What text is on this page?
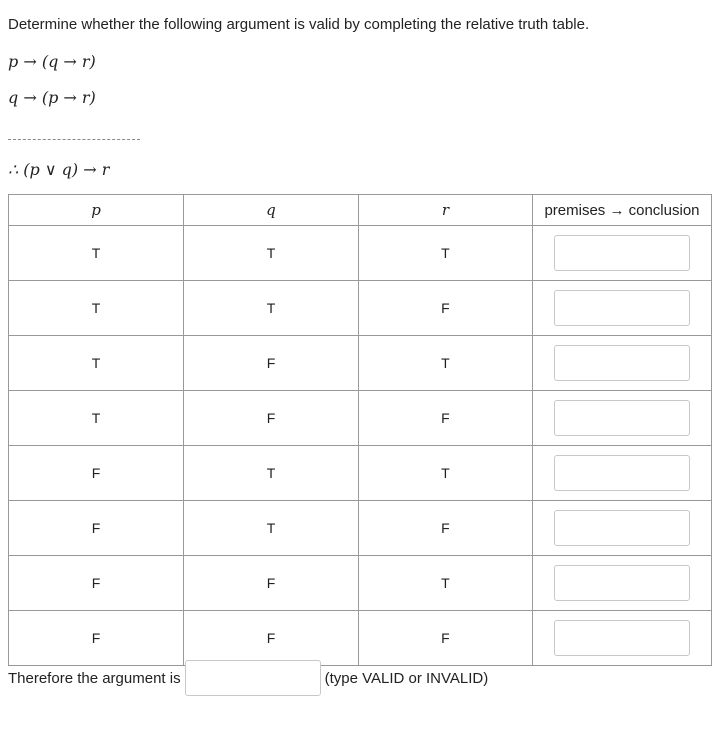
Determine whether the following argument is valid by completing the relative truth table.
p → (q → r)
q → (p → r)
∴ (p ∨ q) → r
p	q	r	premises → conclusion
T	T	T	

T	T	F	

T	F	T	

T	F	F	

F	T	T	

F	T	F	

F	F	T	

F	F	F	
Therefore the argument is	(type VALID or INVALID)
